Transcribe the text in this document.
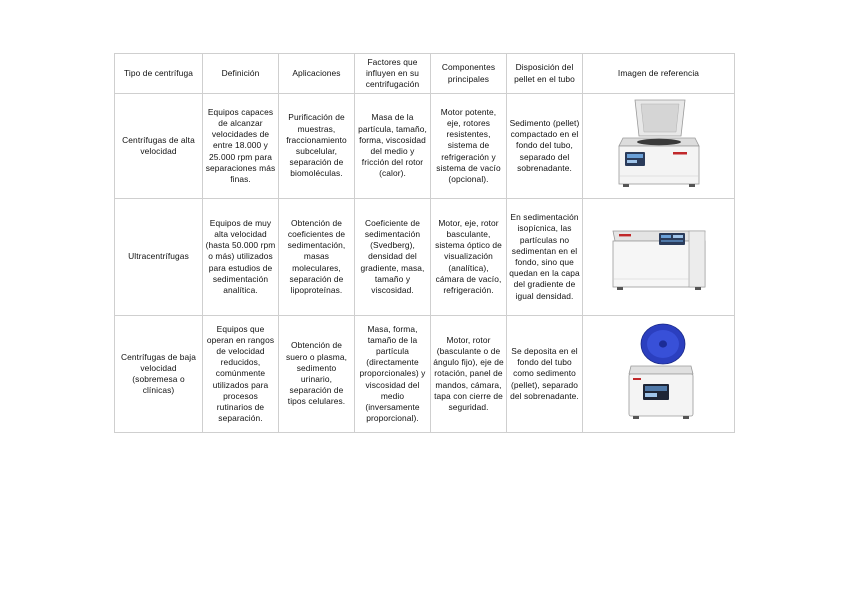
Tipo de centrífuga	Definición	Aplicaciones	Factores que influyen en su centrifugación	Componentes principales	Disposición del pellet en el tubo	Imagen de referencia
Centrífugas de alta velocidad	Equipos capaces de alcanzar velocidades de entre 18.000 y 25.000 rpm para separaciones más finas.	Purificación de muestras, fraccionamiento subcelular, separación de biomoléculas.	Masa de la partícula, tamaño, forma, viscosidad del medio y fricción del rotor (calor).	Motor potente, eje, rotores resistentes, sistema de refrigeración y sistema de vacío (opcional).	Sedimento (pellet) compactado en el fondo del tubo, separado del sobrenadante.	

Ultracentrífugas	Equipos de muy alta velocidad (hasta 50.000 rpm o más) utilizados para estudios de sedimentación analítica.	Obtención de coeficientes de sedimentación, masas moleculares, separación de lipoproteínas.	Coeficiente de sedimentación (Svedberg), densidad del gradiente, masa, tamaño y viscosidad.	Motor, eje, rotor basculante, sistema óptico de visualización (analítica), cámara de vacío, refrigeración.	En sedimentación isopícnica, las partículas no sedimentan en el fondo, sino que quedan en la capa del gradiente de igual densidad.	

Centrífugas de baja velocidad (sobremesa o clínicas)	Equipos que operan en rangos de velocidad reducidos, comúnmente utilizados para procesos rutinarios de separación.	Obtención de suero o plasma, sedimento urinario, separación de tipos celulares.	Masa, forma, tamaño de la partícula (directamente proporcionales) y viscosidad del medio (inversamente proporcional).	Motor, rotor (basculante o de ángulo fijo), eje de rotación, panel de mandos, cámara, tapa con cierre de seguridad.	Se deposita en el fondo del tubo como sedimento (pellet), separado del sobrenadante.	
